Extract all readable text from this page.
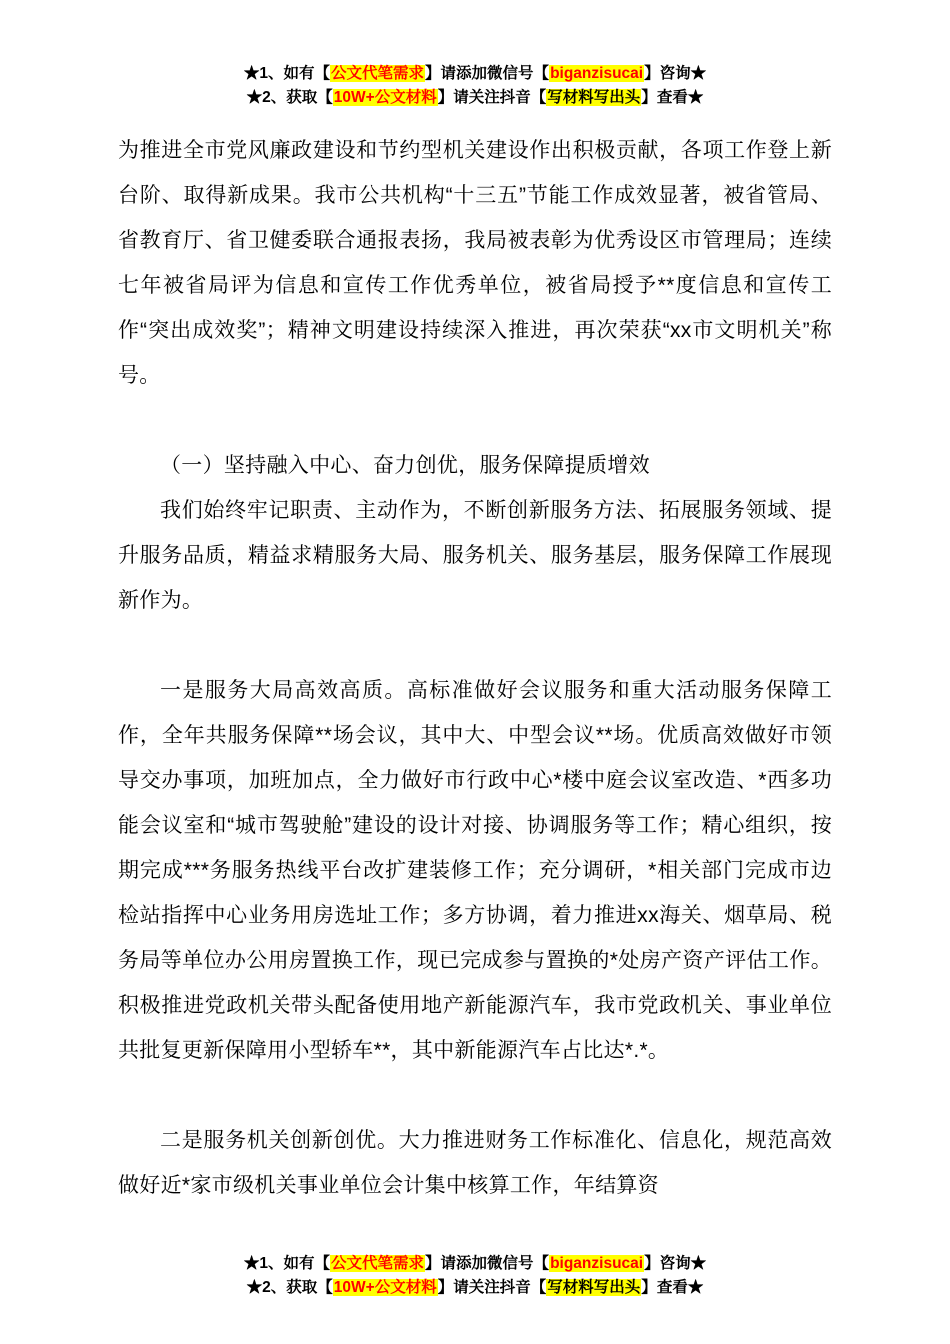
★1、如有【公文代笔需求】请添加微信号【biganzisucai】咨询★
★2、获取【10W+公文材料】请关注抖音【写材料写出头】查看★

为推进全市党风廉政建设和节约型机关建设作出积极贡献，各项工作登上新台阶、取得新成果。我市公共机构“十三五”节能工作成效显著，被省管局、省教育厅、省卫健委联合通报表扬，我局被表彰为优秀设区市管理局；连续七年被省局评为信息和宣传工作优秀单位，被省局授予**度信息和宣传工作“突出成效奖”；精神文明建设持续深入推进，再次荣获“xx市文明机关”称号。

（一）坚持融入中心、奋力创优，服务保障提质增效

我们始终牢记职责、主动作为，不断创新服务方法、拓展服务领域、提升服务品质，精益求精服务大局、服务机关、服务基层，服务保障工作展现新作为。

一是服务大局高效高质。高标准做好会议服务和重大活动服务保障工作，全年共服务保障**场会议，其中大、中型会议**场。优质高效做好市领导交办事项，加班加点，全力做好市行政中心*楼中庭会议室改造、*西多功能会议室和“城市驾驶舱”建设的设计对接、协调服务等工作；精心组织，按期完成***务服务热线平台改扩建装修工作；充分调研，*相关部门完成市边检站指挥中心业务用房选址工作；多方协调，着力推进xx海关、烟草局、税务局等单位办公用房置换工作，现已完成参与置换的*处房产资产评估工作。积极推进党政机关带头配备使用地产新能源汽车，我市党政机关、事业单位共批复更新保障用小型轿车**，其中新能源汽车占比达*.*。

二是服务机关创新创优。大力推进财务工作标准化、信息化，规范高效做好近*家市级机关事业单位会计集中核算工作，年结算资

★1、如有【公文代笔需求】请添加微信号【biganzisucai】咨询★
★2、获取【10W+公文材料】请关注抖音【写材料写出头】查看★
